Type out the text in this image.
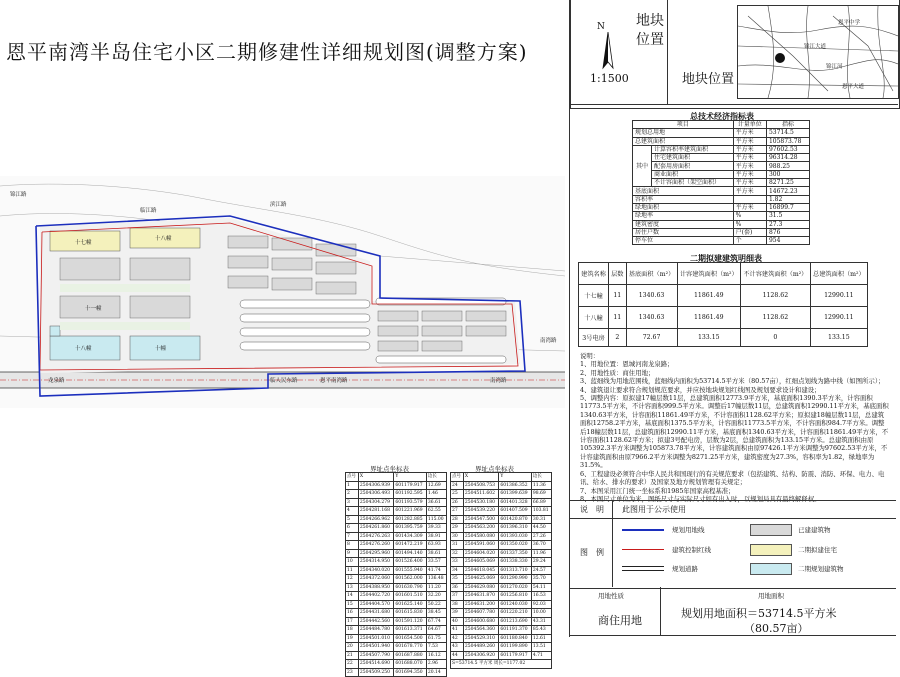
恩平南湾半岛住宅小区二期修建性详细规划图(调整方案)
N
1:1500
地块位置
地块位置
锦江大道
恩平中学
锦江河
恩平大道
总技术经济指标表
项目		计量单位	指标
规划总用地		平方米	53714.5
总建筑面积		平方米	105873.78
其中	计算容积率建筑面积	平方米	97602.53
	住宅建筑面积	平方米	96314.28
	配套用房面积	平方米	988.25
	商业面积	平方米	300
	不计容面积（架空面积）	平方米	8271.25
基底面积		平方米	14672.23
容积率			1.82
绿地面积		平方米	16899.7
绿地率		%	31.5
建筑密度		%	27.3
居住户数		户(套)	876
停车位		个	954
二期拟建建筑明细表
建筑名称	层数	基底面积（m²）	计容建筑面积（m²）	不计容建筑面积（m²）	总建筑面积（m²）
十七幢	11	1340.63	11861.49	1128.62	12990.11
十八幢	11	1340.63	11861.49	1128.62	12990.11
3号电房	2	72.67	133.15	0	133.15
说明：
1、用地位置：恩城河南龙泉路；
2、用地性质：商住用地；
3、蓝细线为用地范围线，蓝细线内面积为53714.5平方米（80.57亩），红细点划线为路中线（如图所示）；
4、建筑退让要求符合规划规范要求，并应按地块规划红线图及规划要求设计和建设；
5、调整内容：原拟建17幢层数11层，总建筑面积12773.9平方米，基底面积1390.3平方米，计容面积11773.5平方米，不计容面积999.5平方米。调整后17幢层数11层，总建筑面积12990.11平方米，基底面积1340.63平方米，计容面积11861.49平方米，不计容面积1128.62平方米；原拟建18幢层数11层，总建筑面积12758.2平方米，基底面积1375.5平方米，计容面积11773.5平方米，不计容面积984.7平方米。调整后18幢层数11层，总建筑面积12990.11平方米，基底面积1340.63平方米，计容面积11861.49平方米，不计容面积1128.62平方米；拟建3号配电房，层数为2层，总建筑面积为133.15平方米。总建筑面积由原105392.3平方米调整为105873.78平方米，计容建筑面积由原97426.1平方米调整为97602.53平方米，不计容建筑面积由原7966.2平方米调整为8271.25平方米，建筑密度为27.3%，容积率为1.82，绿地率为31.5%。
6、工程建设必须符合中华人民共和国现行的有关规范要求（包括建筑、结构、防震、消防、环保、电力、电讯、给水、排水的要求）及国家及地方规划管理有关规定；
7、本图采用江门统一坐标系和1985年国家高程基准；
8、本图尺寸单位为米，图纸尺寸与实际尺寸如有出入时，以规划局具有最终解释权。
说　明 此图用于公示使用
图　例
规划用地线	已建建筑物
建筑控制红线	二期拟建住宅
规划道路	二期规划建筑物
用地性质	用地面积
商住用地
规划用地面积＝53714.5平方米
（80.57亩）
滨江路
龙泉路
南湾路
临人民东路	南湾路
临江路
恩平南湾路
锦江路
十七幢
十八幢
十八幢	十幢
十一幢
界址点坐标表	界址点坐标表
点号	X	Y	边长
1	2504306.939	601179.917	12.69
2	2504306.493	601192.595	1.46
3	2504304.279	601193.579	36.61
4	2504281.168	601221.969	62.55
5	2504266.962	601282.885	115.00
6	2504261.860	601395.759	39.33
7	2504276.263	601434.309	38.91
8	2504276.260	601472.219	63.93
9	2504295.960	601494.140	38.61
10	2504314.950	601526.400	33.57
11	2504340.020	601555.940	41.74
12	2504372.060	601562.000	136.48
13	2504388.950	601630.790	11.20
14	2504402.720	601601.510	32.20
15	2504404.570	601625.140	50.22
16	2504431.680	601615.830	38.45
17	2504442.560	601591.120	67.74
18	2504484.780	601613.371	64.67
19	2504501.010	601654.500	61.75
20	2504501.940	601678.770	7.53
21	2504507.790	601687.880	16.12
22	2504514.690	601688.070	2.96
23	2504509.250	601694.350	20.14
点号	X	Y	边长
24	2504508.753	601386.352	11.36
25	2504511.602	601399.639	98.69
26	2504530.180	601401.328	66.89
27	2504539.220	601407.509	103.81
28	2504547.500	601420.870	30.31
29	2504563.200	601396.310	44.50
30	2504580.080	601393.030	27.26
31	2504591.060	601350.020	36.70
32	2504604.020	601337.350	11.96
33	2504605.069	601338.330	29.24
34	2504618.045	601313.710	24.57
35	2504625.069	601290.990	35.70
36	2504629.080	601270.020	54.11
37	2504631.870	601256.810	16.53
38	2504631.200	601240.030	92.03
39	2504607.780	601220.210	10.00
40	2504600.680	601213.690	43.31
41	2504564.360	601191.370	85.43
42	2504529.310	601180.840	12.61
43	2504489.260	601199.890	13.51
44	2504306.920	601179.917	4.71
S=53714.5 平方米 周长=1177.02			
